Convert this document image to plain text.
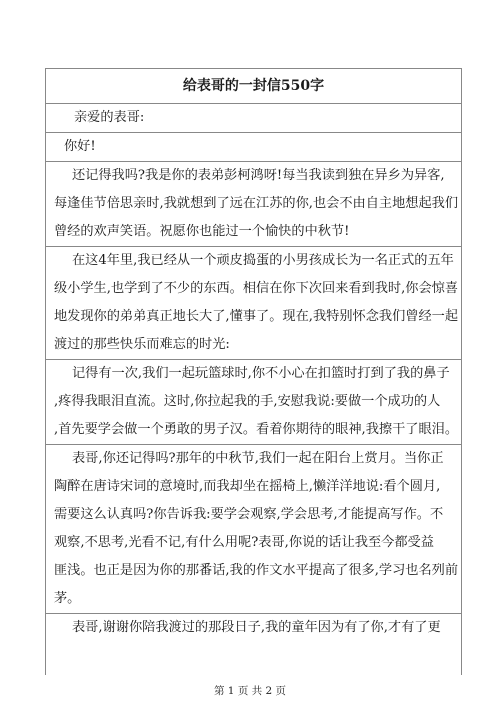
给表哥的一封信550字
亲爱的表哥:
你好!
还记得我吗?我是你的表弟彭柯鸿呀!每当我读到独在异乡为异客,
每逢佳节倍思亲时,我就想到了远在江苏的你,也会不由自主地想起我们
曾经的欢声笑语。祝愿你也能过一个愉快的中秋节!
在这4年里,我已经从一个顽皮捣蛋的小男孩成长为一名正式的五年
级小学生,也学到了不少的东西。相信在你下次回来看到我时,你会惊喜
地发现你的弟弟真正地长大了,懂事了。现在,我特别怀念我们曾经一起
渡过的那些快乐而难忘的时光:
记得有一次,我们一起玩篮球时,你不小心在扣篮时打到了我的鼻子
,疼得我眼泪直流。这时,你拉起我的手,安慰我说:要做一个成功的人
,首先要学会做一个勇敢的男子汉。看着你期待的眼神,我擦干了眼泪。
表哥,你还记得吗?那年的中秋节,我们一起在阳台上赏月。当你正
陶醉在唐诗宋词的意境时,而我却坐在摇椅上,懒洋洋地说:看个圆月,
需要这么认真吗?你告诉我:要学会观察,学会思考,才能提高写作。不
观察,不思考,光看不记,有什么用呢?表哥,你说的话让我至今都受益
匪浅。也正是因为你的那番话,我的作文水平提高了很多,学习也名列前
茅。
表哥,谢谢你陪我渡过的那段日子,我的童年因为有了你,才有了更
第 1 页 共 2 页
